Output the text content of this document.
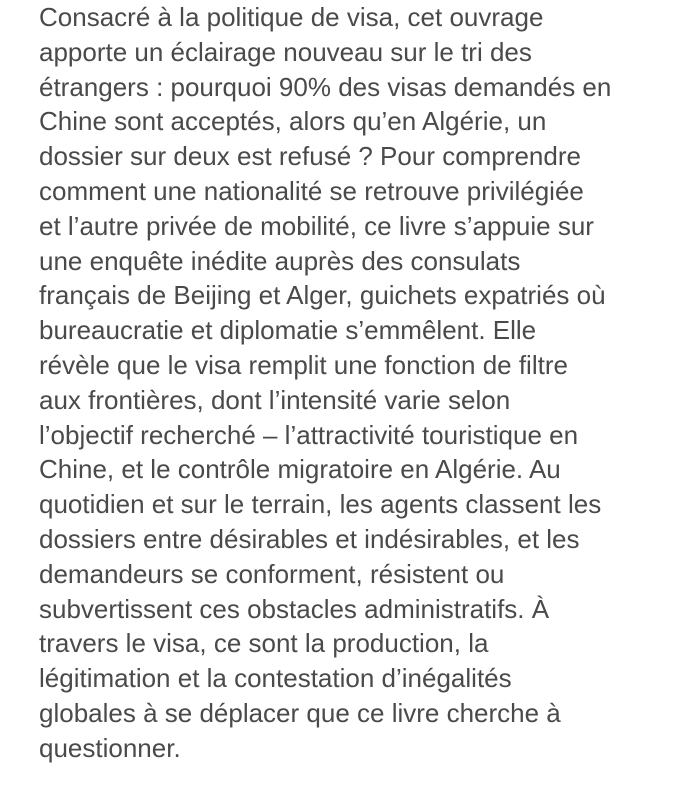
Consacré à la politique de visa, cet ouvrage
apporte un éclairage nouveau sur le tri des
étrangers : pourquoi 90% des visas demandés en
Chine sont acceptés, alors qu’en Algérie, un
dossier sur deux est refusé ? Pour comprendre
comment une nationalité se retrouve privilégiée
et l’autre privée de mobilité, ce livre s’appuie sur
une enquête inédite auprès des consulats
français de Beijing et Alger, guichets expatriés où
bureaucratie et diplomatie s’emmêlent. Elle
révèle que le visa remplit une fonction de filtre
aux frontières, dont l’intensité varie selon
l’objectif recherché – l’attractivité touristique en
Chine, et le contrôle migratoire en Algérie. Au
quotidien et sur le terrain, les agents classent les
dossiers entre désirables et indésirables, et les
demandeurs se conforment, résistent ou
subvertissent ces obstacles administratifs. À
travers le visa, ce sont la production, la
légitimation et la contestation d’inégalités
globales à se déplacer que ce livre cherche à
questionner.
